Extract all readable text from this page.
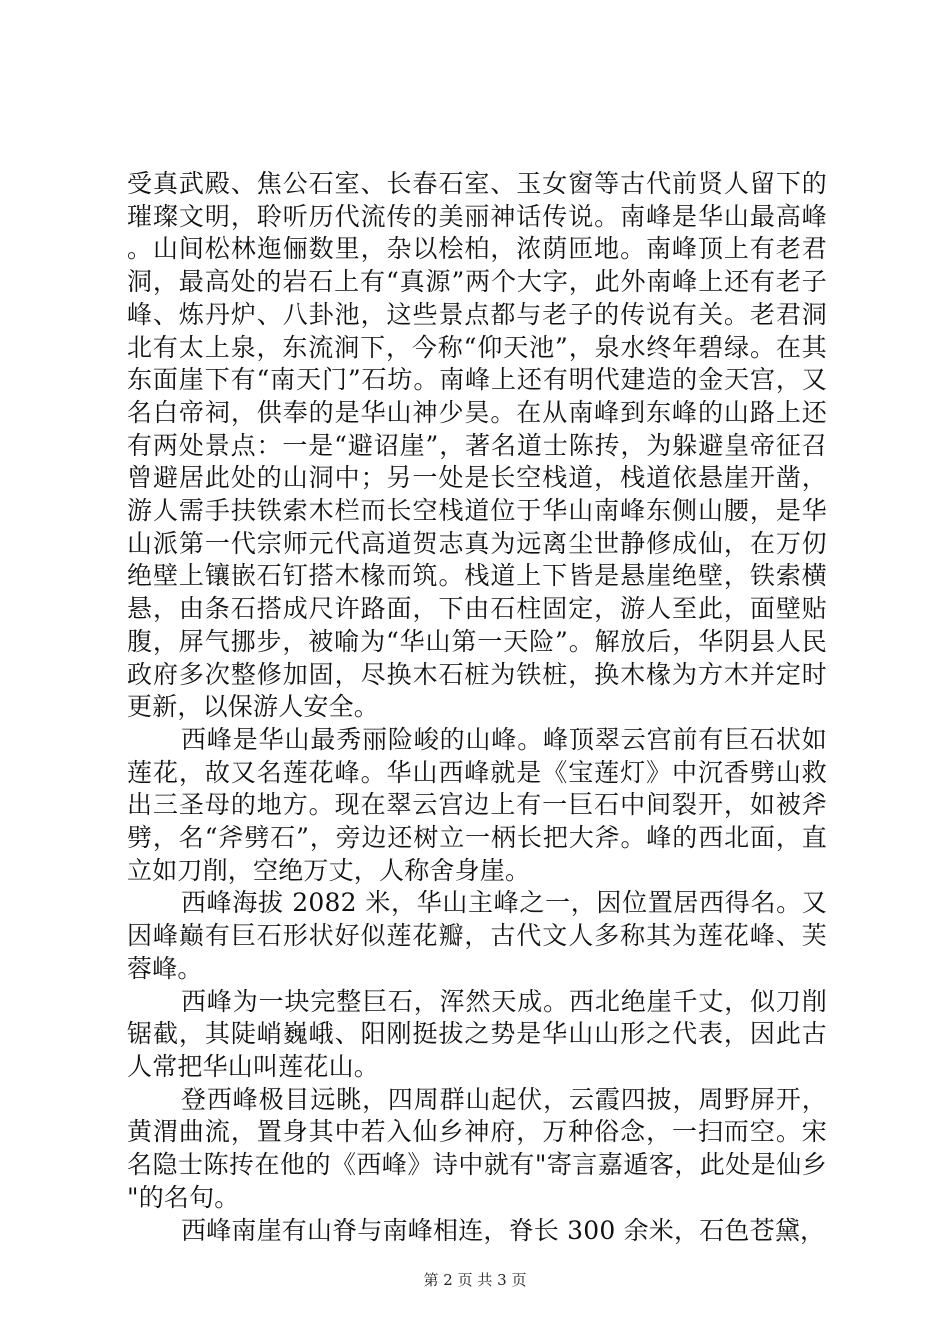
受真武殿、焦公石室、长春石室、玉女窗等古代前贤人留下的璀璨文明，聆听历代流传的美丽神话传说。南峰是华山最高峰。山间松林迤俪数里，杂以桧柏，浓荫匝地。南峰顶上有老君洞，最高处的岩石上有“真源”两个大字，此外南峰上还有老子峰、炼丹炉、八卦池，这些景点都与老子的传说有关。老君洞北有太上泉，东流涧下，今称“仰天池”，泉水终年碧绿。在其东面崖下有“南天门”石坊。南峰上还有明代建造的金天宫，又名白帝祠，供奉的是华山神少昊。在从南峰到东峰的山路上还有两处景点：一是“避诏崖”，著名道士陈抟，为躲避皇帝征召曾避居此处的山洞中；另一处是长空栈道，栈道依悬崖开凿，游人需手扶铁索木栏而长空栈道位于华山南峰东侧山腰，是华山派第一代宗师元代高道贺志真为远离尘世静修成仙，在万仞绝壁上镶嵌石钉搭木椽而筑。栈道上下皆是悬崖绝壁，铁索横悬，由条石搭成尺许路面，下由石柱固定，游人至此，面壁贴腹，屏气挪步，被喻为“华山第一天险”。解放后，华阴县人民政府多次整修加固，尽换木石桩为铁桩，换木椽为方木并定时更新，以保游人安全。

西峰是华山最秀丽险峻的山峰。峰顶翠云宫前有巨石状如莲花，故又名莲花峰。华山西峰就是《宝莲灯》中沉香劈山救出三圣母的地方。现在翠云宫边上有一巨石中间裂开，如被斧劈，名“斧劈石”，旁边还树立一柄长把大斧。峰的西北面，直立如刀削，空绝万丈，人称舍身崖。

西峰海拔 2082 米，华山主峰之一，因位置居西得名。又因峰巅有巨石形状好似莲花瓣，古代文人多称其为莲花峰、芙蓉峰。

西峰为一块完整巨石，浑然天成。西北绝崖千丈，似刀削锯截，其陡峭巍峨、阳刚挺拔之势是华山山形之代表，因此古人常把华山叫莲花山。

登西峰极目远眺，四周群山起伏，云霞四披，周野屏开，黄渭曲流，置身其中若入仙乡神府，万种俗念，一扫而空。宋名隐士陈抟在他的《西峰》诗中就有"寄言嘉遁客，此处是仙乡"的名句。

西峰南崖有山脊与南峰相连，脊长 300 余米，石色苍黛，

第 2 页 共 3 页
